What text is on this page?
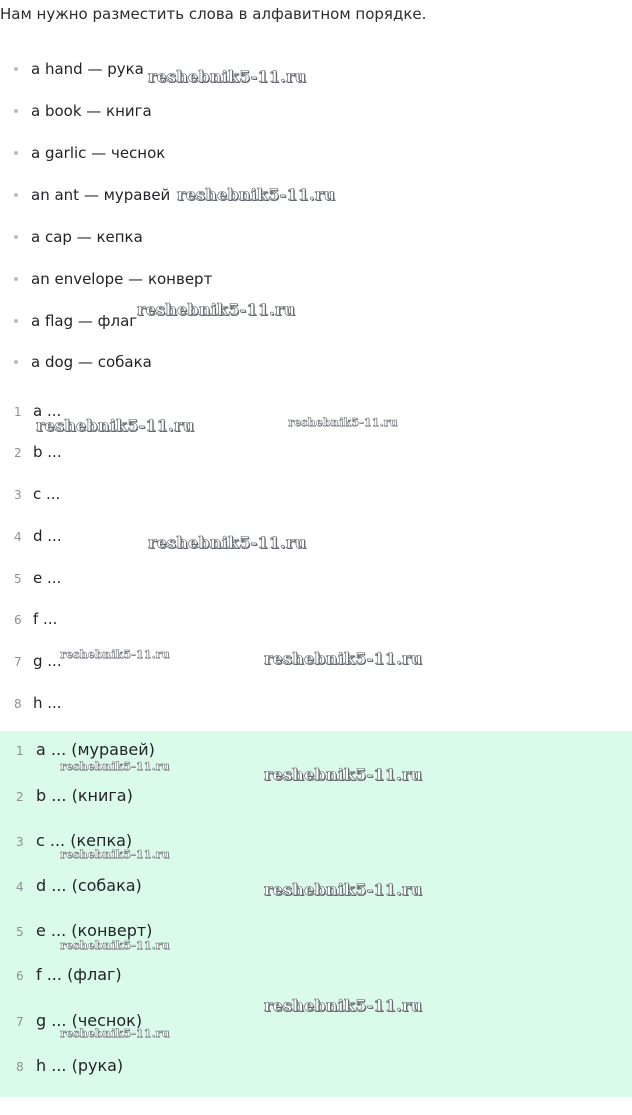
Нам нужно разместить слова в алфавитном порядке.
a hand — рука
a book — книга
a garlic — чеснок
an ant — муравей
a cap — кепка
an envelope — конверт
a flag — флаг
a dog — собака
1 a ...
2 b ...
3 c ...
4 d ...
5 e ...
6 f ...
7 g ...
8 h ...
1 a ... (муравей)
2 b ... (книга)
3 c ... (кепка)
4 d ... (собака)
5 e ... (конверт)
6 f ... (флаг)
7 g ... (чеснок)
8 h ... (рука)
reshebnik5-11.ru
reshebnik5-11.ru
reshebnik5-11.ru
reshebnik5-11.ru	reshebnik5-11.ru
reshebnik5-11.ru
reshebnik5-11.ru	reshebnik5-11.ru
reshebnik5-11.ru	reshebnik5-11.ru
reshebnik5-11.ru
reshebnik5-11.ru
reshebnik5-11.ru
reshebnik5-11.ru
reshebnik5-11.ru
